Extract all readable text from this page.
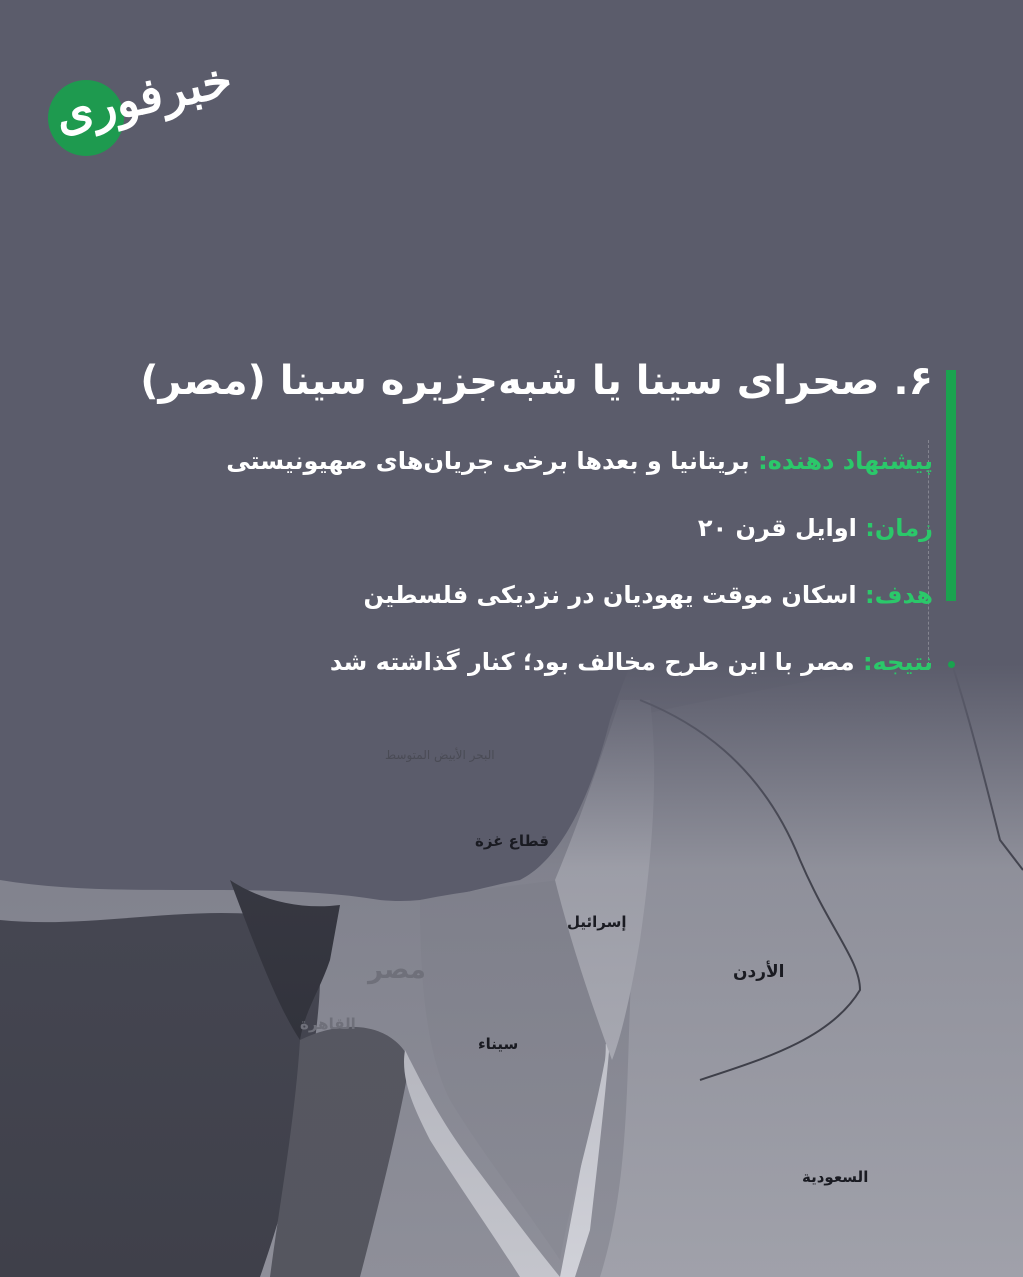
البحر الأبيض المتوسط
قطاع غزة
إسرائيل
مصر
القاهرة
سيناء
الأردن
السعودية
خبرفوری
۶. صحرای سینا یا شبه‌جزیره سینا (مصر)
پیشنهاد دهنده: بریتانیا و بعدها برخی جریان‌های صهیونیستی
زمان: اوایل قرن ۲۰
هدف: اسکان موقت یهودیان در نزدیکی فلسطین
نتیجه: مصر با این طرح مخالف بود؛ کنار گذاشته شد
